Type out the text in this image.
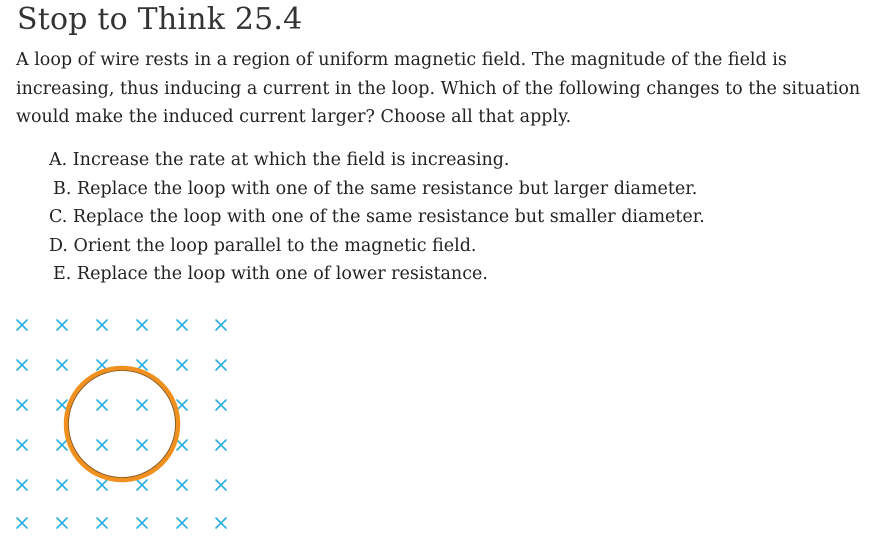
Stop to Think 25.4

A loop of wire rests in a region of uniform magnetic field. The magnitude of the field is increasing, thus inducing a current in the loop. Which of the following changes to the situation would make the induced current larger? Choose all that apply.

A. Increase the rate at which the field is increasing.
B. Replace the loop with one of the same resistance but larger diameter.
C. Replace the loop with one of the same resistance but smaller diameter.
D. Orient the loop parallel to the magnetic field.
E. Replace the loop with one of lower resistance.
